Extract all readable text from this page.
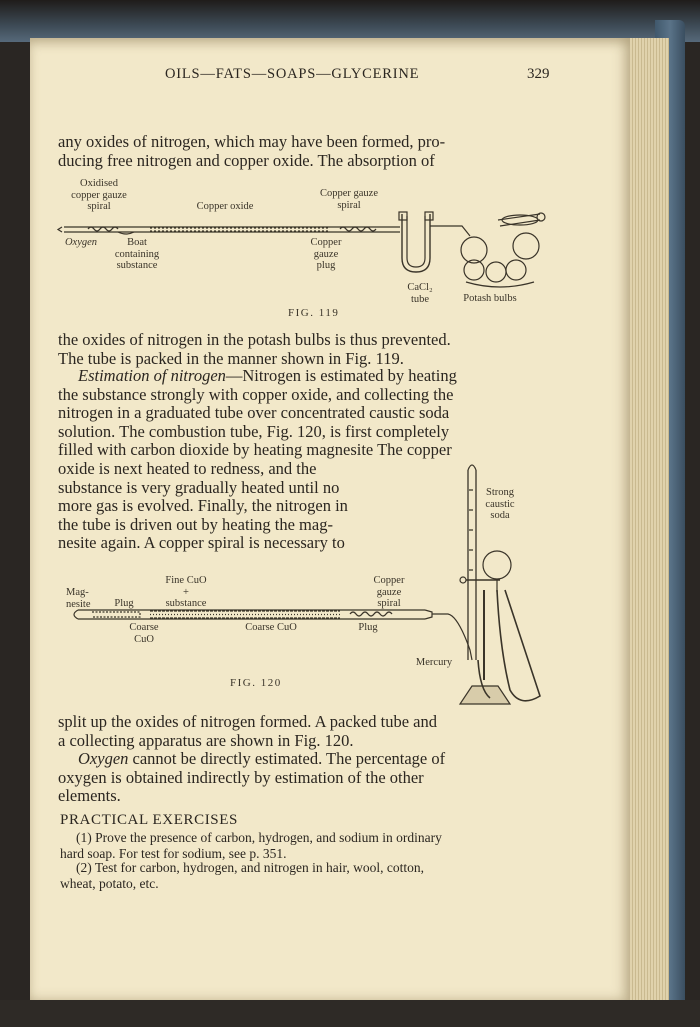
OILS—FATS—SOAPS—GLYCERINE	329
any oxides of nitrogen, which may have been formed, pro-
ducing free nitrogen and copper oxide. The absorption of
Oxidised
copper gauze
spiral	Copper oxide
Copper gauze
spiral
Oxygen	Boat
containing
substance
Copper
gauze
plug
CaCl₂
tube	Potash bulbs
FIG. 119
the oxides of nitrogen in the potash bulbs is thus prevented.
The tube is packed in the manner shown in Fig. 119.
Estimation of nitrogen—Nitrogen is estimated by heating
the substance strongly with copper oxide, and collecting the
nitrogen in a graduated tube over concentrated caustic soda
solution. The combustion tube, Fig. 120, is first completely
filled with carbon dioxide by heating magnesite The copper
oxide is next heated to redness, and the
substance is very gradually heated until no
more gas is evolved. Finally, the nitrogen in
the tube is driven out by heating the mag-
nesite again. A copper spiral is necessary to
Mag-
nesite	Plug
Fine CuO
+
substance
Copper
gauze
spiral
Coarse
CuO
Coarse CuO	Plug
Strong
caustic
soda
Mercury
FIG. 120
split up the oxides of nitrogen formed. A packed tube and
a collecting apparatus are shown in Fig. 120.
Oxygen cannot be directly estimated. The percentage of
oxygen is obtained indirectly by estimation of the other
elements.
PRACTICAL EXERCISES
(1) Prove the presence of carbon, hydrogen, and sodium in ordinary
hard soap. For test for sodium, see p. 351.
(2) Test for carbon, hydrogen, and nitrogen in hair, wool, cotton,
wheat, potato, etc.
